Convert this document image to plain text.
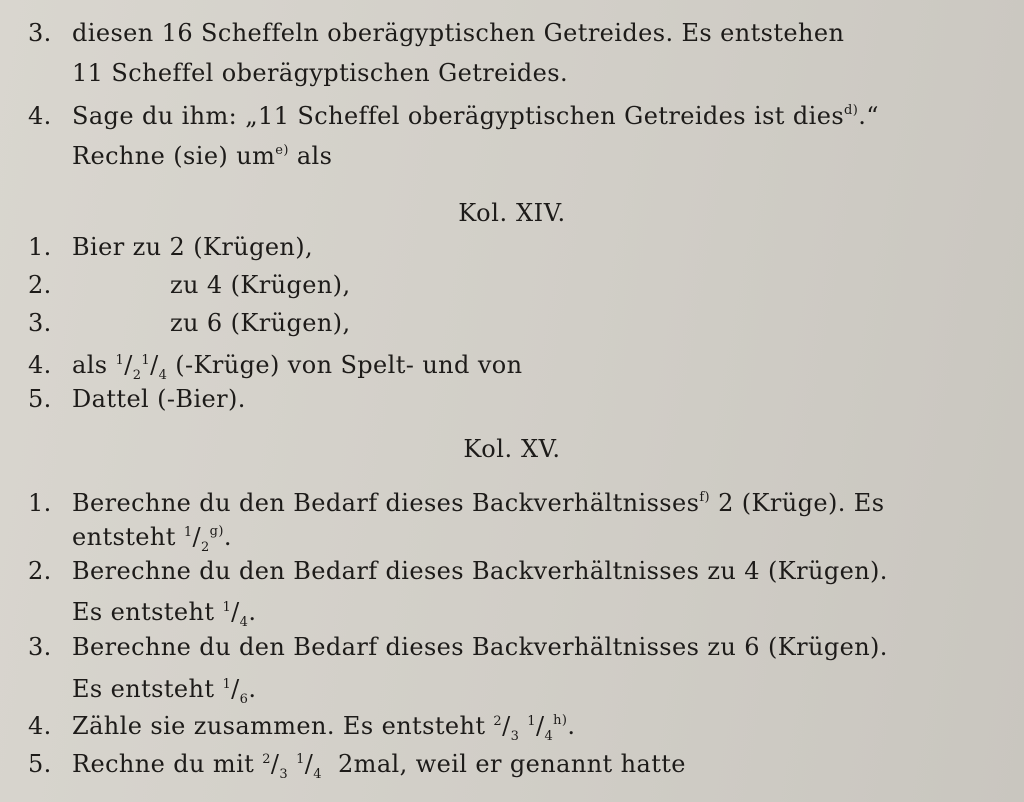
3. diesen 16 Scheffeln oberägyptischen Getreides. Es entstehen
11 Scheffel oberägyptischen Getreides.
4. Sage du ihm: „11 Scheffel oberägyptischen Getreides ist dies$^{d)}$.“
Rechne (sie) um$^{e)}$ als
Kol. XIV.
1. Bier zu 2 (Krügen),
2.	zu 4 (Krügen),
3.	zu 6 (Krügen),
4. als $^1/_2^1/_4$ (-Krüge) von Spelt- und von
5. Dattel (-Bier).
Kol. XV.
1. Berechne du den Bedarf dieses Backverhältnisses$^{f)}$ 2 (Krüge). Es
entsteht $^1/_2^{g)}$.
2. Berechne du den Bedarf dieses Backverhältnisses zu 4 (Krügen).
Es entsteht $^1/_4$.
3. Berechne du den Bedarf dieses Backverhältnisses zu 6 (Krügen).
Es entsteht $^1/_6$.
4. Zähle sie zusammen. Es entsteht $^2/_3$ $^1/_4^{h)}$.
5. Rechne du mit $^2/_3$ $^1/_4$ 2mal, weil er genannt hatte
